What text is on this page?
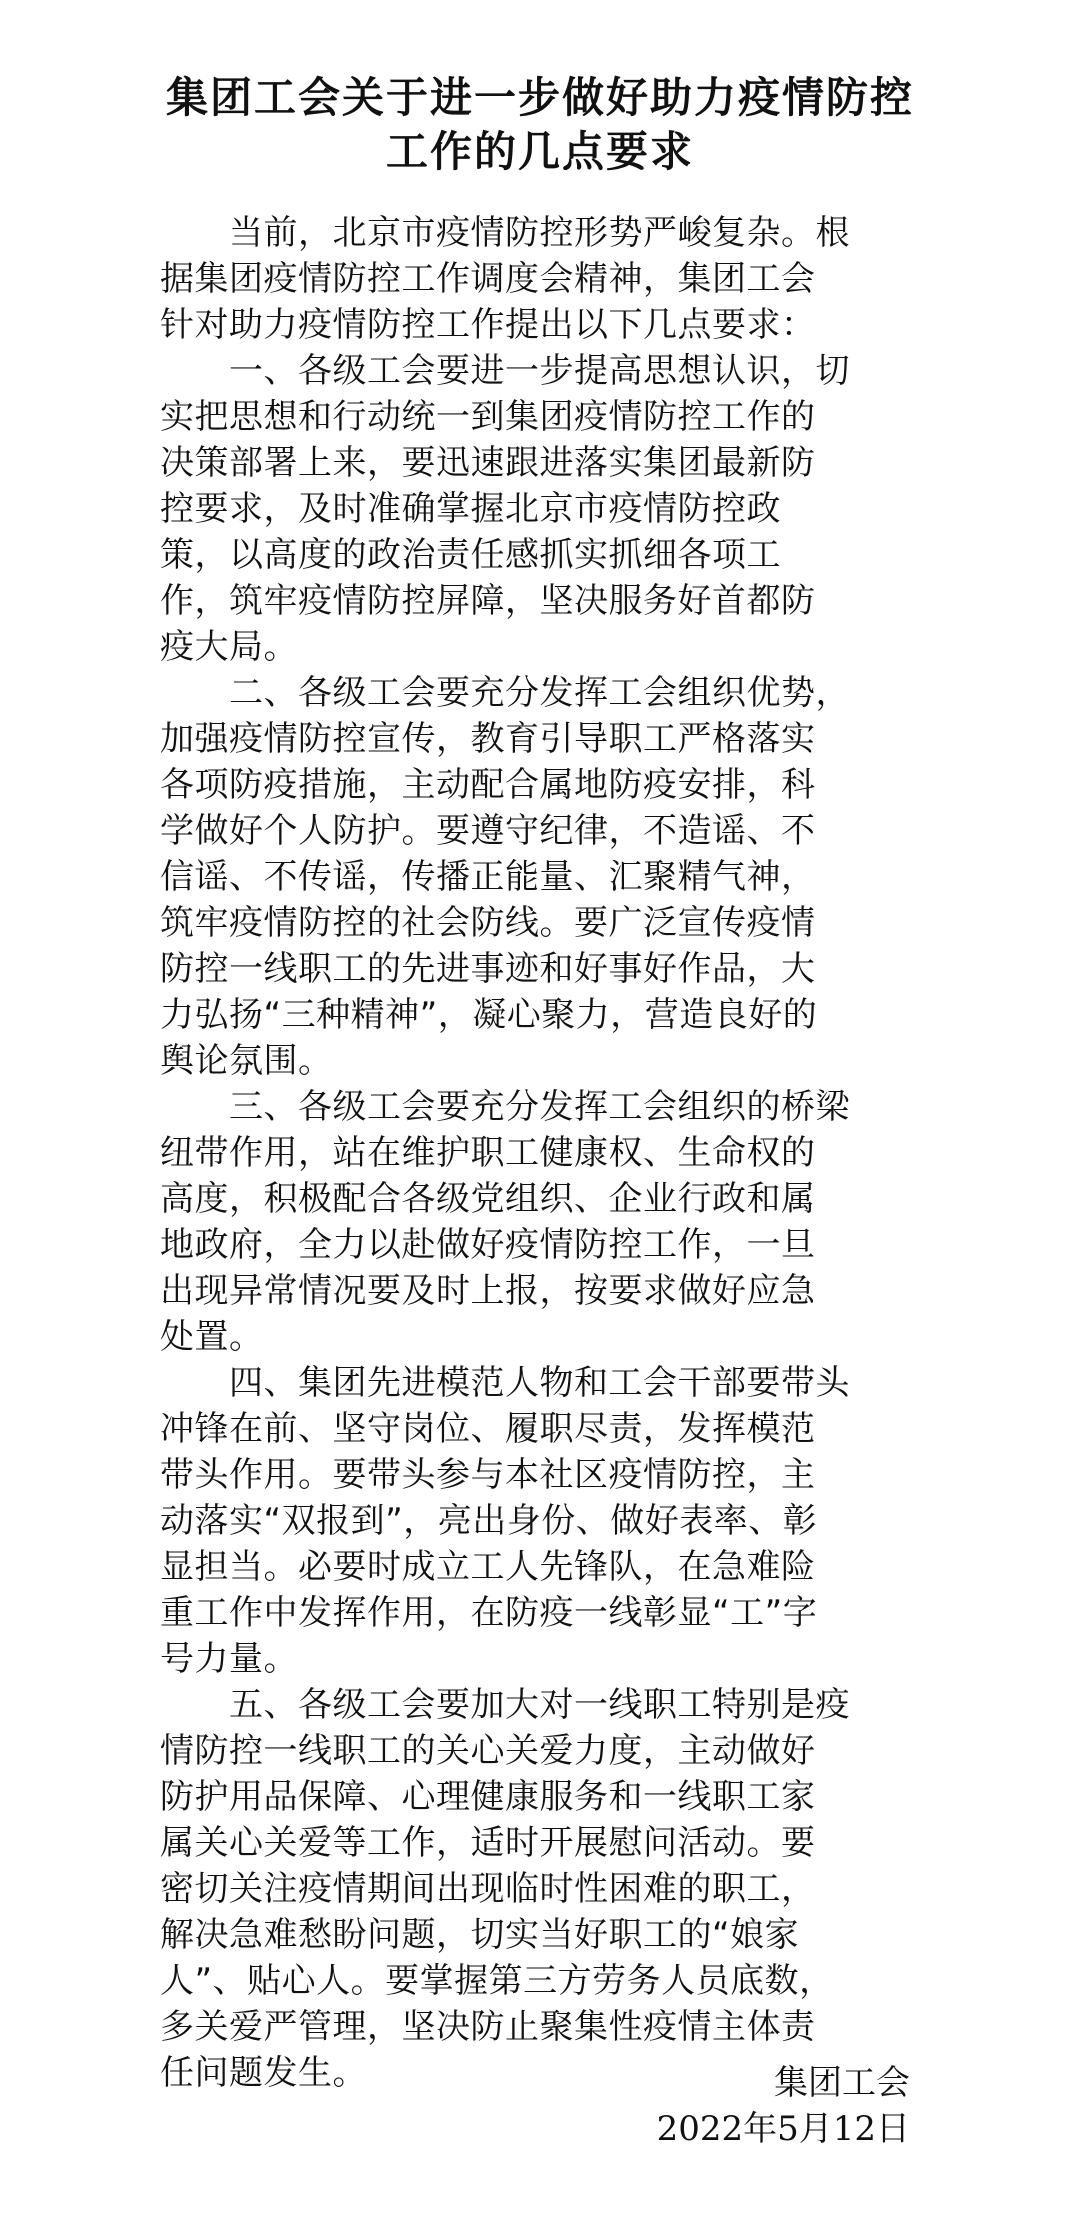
集团工会关于进一步做好助力疫情防控
工作的几点要求

　　当前，北京市疫情防控形势严峻复杂。根
据集团疫情防控工作调度会精神，集团工会
针对助力疫情防控工作提出以下几点要求：

　　一、各级工会要进一步提高思想认识，切
实把思想和行动统一到集团疫情防控工作的
决策部署上来，要迅速跟进落实集团最新防
控要求，及时准确掌握北京市疫情防控政
策，以高度的政治责任感抓实抓细各项工
作，筑牢疫情防控屏障，坚决服务好首都防
疫大局。

　　二、各级工会要充分发挥工会组织优势，
加强疫情防控宣传，教育引导职工严格落实
各项防疫措施，主动配合属地防疫安排，科
学做好个人防护。要遵守纪律，不造谣、不
信谣、不传谣，传播正能量、汇聚精气神，
筑牢疫情防控的社会防线。要广泛宣传疫情
防控一线职工的先进事迹和好事好作品，大
力弘扬“三种精神”，凝心聚力，营造良好的
舆论氛围。

　　三、各级工会要充分发挥工会组织的桥梁
纽带作用，站在维护职工健康权、生命权的
高度，积极配合各级党组织、企业行政和属
地政府，全力以赴做好疫情防控工作，一旦
出现异常情况要及时上报，按要求做好应急
处置。

　　四、集团先进模范人物和工会干部要带头
冲锋在前、坚守岗位、履职尽责，发挥模范
带头作用。要带头参与本社区疫情防控，主
动落实“双报到”，亮出身份、做好表率、彰
显担当。必要时成立工人先锋队，在急难险
重工作中发挥作用，在防疫一线彰显“工”字
号力量。

　　五、各级工会要加大对一线职工特别是疫
情防控一线职工的关心关爱力度，主动做好
防护用品保障、心理健康服务和一线职工家
属关心关爱等工作，适时开展慰问活动。要
密切关注疫情期间出现临时性困难的职工，
解决急难愁盼问题，切实当好职工的“娘家
人”、贴心人。要掌握第三方劳务人员底数，
多关爱严管理，坚决防止聚集性疫情主体责
任问题发生。	集团工会
2022年5月12日
